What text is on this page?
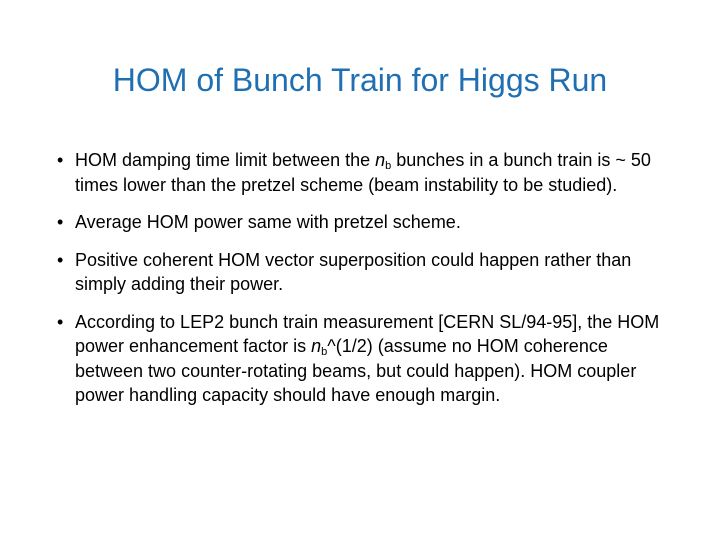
HOM of Bunch Train for Higgs Run
• HOM damping time limit between the $n_b$ bunches in a bunch train is ~ 50 times lower than the pretzel scheme (beam instability to be studied).
• Average HOM power same with pretzel scheme.
• Positive coherent HOM vector superposition could happen rather than simply adding their power.
• According to LEP2 bunch train measurement [CERN SL/94-95], the HOM power enhancement factor is $n_b\^{}(1/2)$ (assume no HOM coherence between two counter-rotating beams, but could happen). HOM coupler power handling capacity should have enough margin.
